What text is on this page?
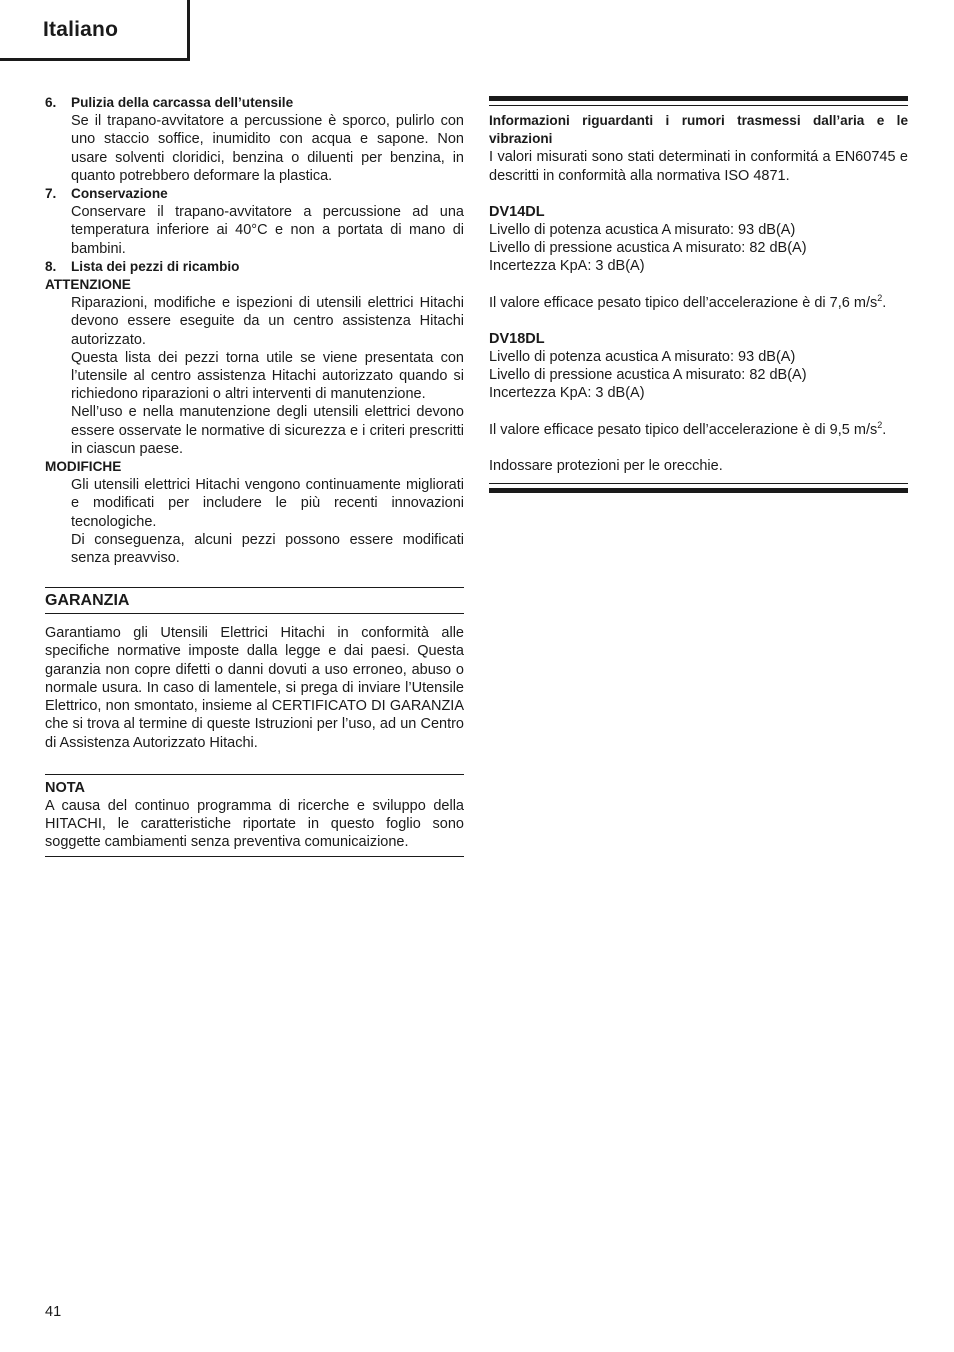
Italiano
6.	Pulizia della carcassa dell’utensile

Se il trapano-avvitatore a percussione è sporco, pulirlo con uno staccio soffice, inumidito con acqua e sapone. Non usare solventi cloridici, benzina o diluenti per benzina, in quanto potrebbero deformare la plastica.

7.	Conservazione

Conservare il trapano-avvitatore a percussione ad una temperatura inferiore ai 40°C e non a portata di mano di bambini.

8.	Lista dei pezzi di ricambio
ATTENZIONE

Riparazioni, modifiche e ispezioni di utensili elettrici Hitachi devono essere eseguite da un centro assistenza Hitachi autorizzato.

Questa lista dei pezzi torna utile se viene presentata con l’utensile al centro assistenza Hitachi autorizzato quando si richiedono riparazioni o altri interventi di manutenzione.

Nell’uso e nella manutenzione degli utensili elettrici devono essere osservate le normative di sicurezza e i criteri prescritti in ciascun paese.

MODIFICHE

Gli utensili elettrici Hitachi vengono continuamente migliorati e modificati per includere le più recenti innovazioni tecnologiche.

Di conseguenza, alcuni pezzi possono essere modificati senza preavviso.

GARANZIA

Garantiamo gli Utensili Elettrici Hitachi in conformità alle specifiche normative imposte dalla legge e dai paesi. Questa garanzia non copre difetti o danni dovuti a uso erroneo, abuso o normale usura. In caso di lamentele, si prega di inviare l’Utensile Elettrico, non smontato, insieme al CERTIFICATO DI GARANZIA che si trova al termine di queste Istruzioni per l’uso, ad un Centro di Assistenza Autorizzato Hitachi.

NOTA

A causa del continuo programma di ricerche e sviluppo della HITACHI, le caratteristiche riportate in questo foglio sono soggette cambiamenti senza preventiva comunicaizione.

Informazioni riguardanti i rumori trasmessi dall’aria e le vibrazioni

I valori misurati sono stati determinati in conformitá a EN60745 e descritti in conformità alla normativa ISO 4871.

DV14DL
Livello di potenza acustica A misurato: 93 dB(A)
Livello di pressione acustica A misurato: 82 dB(A)
Incertezza KpA: 3 dB(A)

Il valore efficace pesato tipico dell’accelerazione è di 7,6 $m/s^2$.

DV18DL
Livello di potenza acustica A misurato: 93 dB(A)
Livello di pressione acustica A misurato: 82 dB(A)
Incertezza KpA: 3 dB(A)

Il valore efficace pesato tipico dell’accelerazione è di 9,5 $m/s^2$.

Indossare protezioni per le orecchie.
41
